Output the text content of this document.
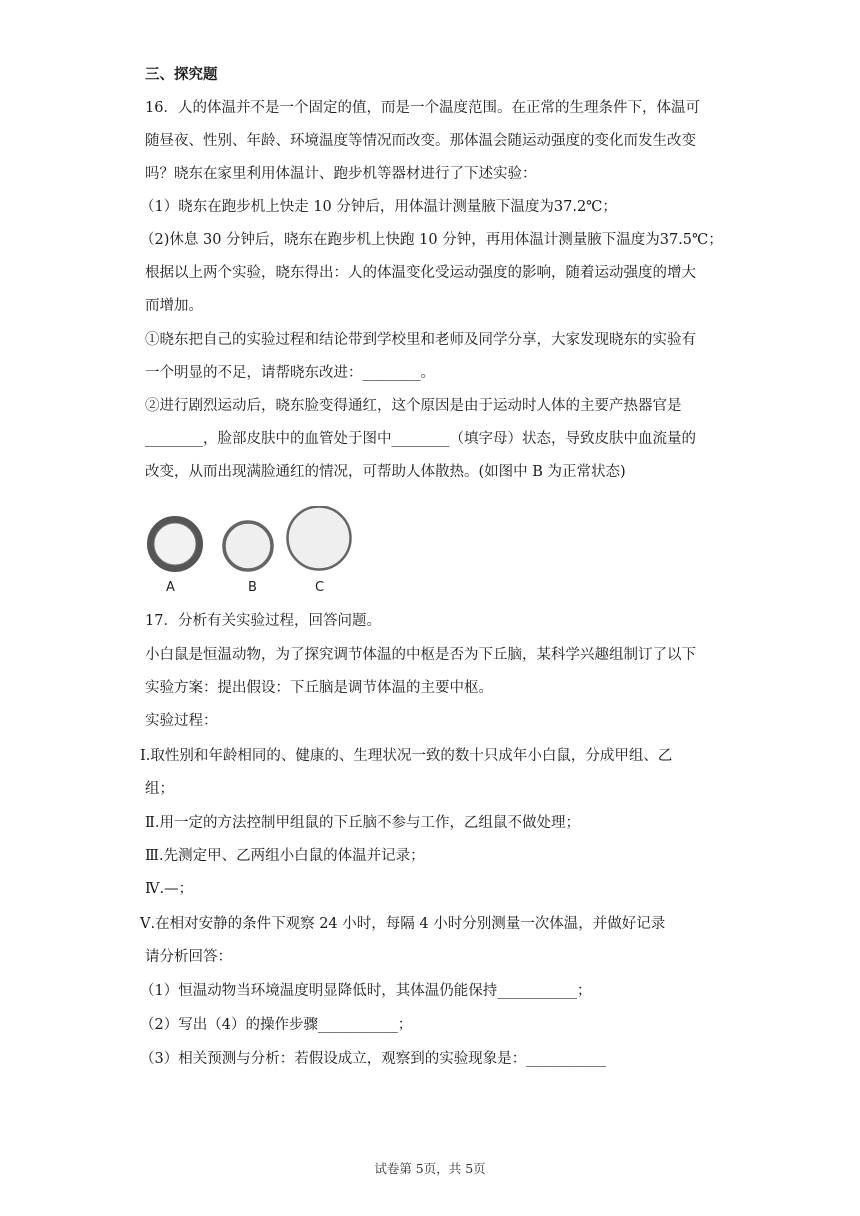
三、探究题
16．人的体温并不是一个固定的值，而是一个温度范围。在正常的生理条件下，体温可
随昼夜、性别、年龄、环境温度等情况而改变。那体温会随运动强度的变化而发生改变
吗？晓东在家里利用体温计、跑步机等器材进行了下述实验：
（1）晓东在跑步机上快走 10 分钟后，用体温计测量腋下温度为37.2℃；
（2)休息 30 分钟后，晓东在跑步机上快跑 10 分钟，再用体温计测量腋下温度为37.5℃；
根据以上两个实验，晓东得出：人的体温变化受运动强度的影响，随着运动强度的增大
而增加。
①晓东把自己的实验过程和结论带到学校里和老师及同学分享，大家发现晓东的实验有
一个明显的不足，请帮晓东改进：________。
②进行剧烈运动后，晓东脸变得通红，这个原因是由于运动时人体的主要产热器官是
________，脸部皮肤中的血管处于图中________（填字母）状态，导致皮肤中血流量的
改变，从而出现满脸通红的情况，可帮助人体散热。(如图中 B 为正常状态)
A	B	C
17．分析有关实验过程，回答问题。
小白鼠是恒温动物，为了探究调节体温的中枢是否为下丘脑，某科学兴趣组制订了以下
实验方案：提出假设：下丘脑是调节体温的主要中枢。
实验过程：
Ⅰ.取性别和年龄相同的、健康的、生理状况一致的数十只成年小白鼠，分成甲组、乙
组；
Ⅱ.用一定的方法控制甲组鼠的下丘脑不参与工作，乙组鼠不做处理；
Ⅲ.先测定甲、乙两组小白鼠的体温并记录；
Ⅳ.—；
Ⅴ.在相对安静的条件下观察 24 小时，每隔 4 小时分别测量一次体温，并做好记录
请分析回答：
（1）恒温动物当环境温度明显降低时，其体温仍能保持___________；
（2）写出（4）的操作步骤___________；
（3）相关预测与分析：若假设成立，观察到的实验现象是：___________
试卷第 5页，共 5页
